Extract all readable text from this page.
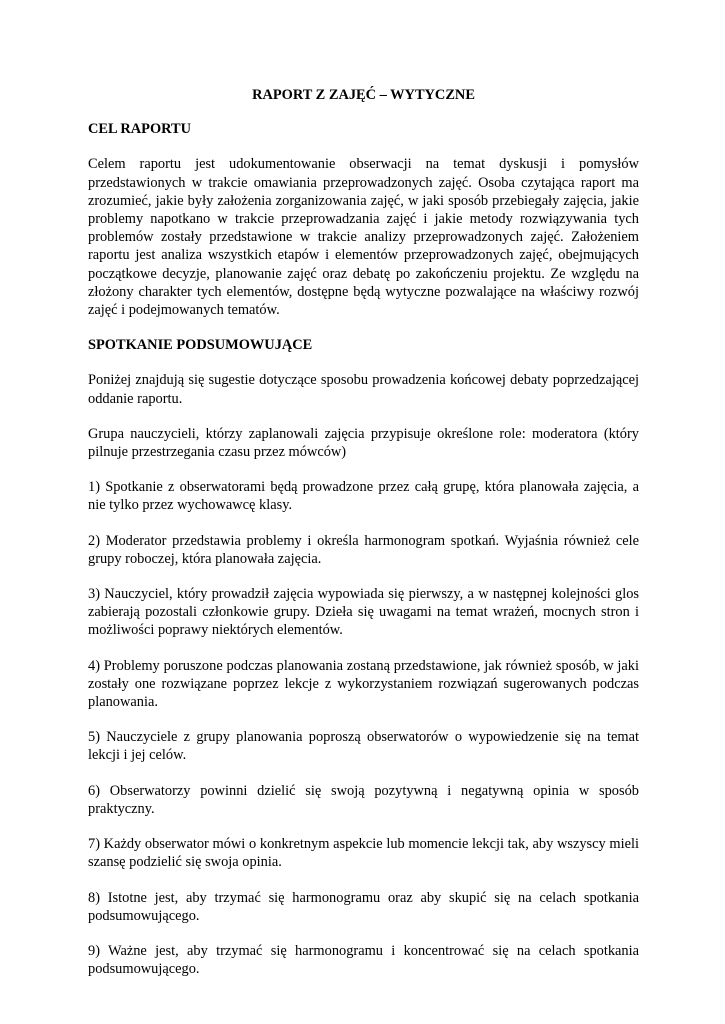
RAPORT Z ZAJĘĆ – WYTYCZNE
CEL RAPORTU
Celem raportu jest udokumentowanie obserwacji na temat dyskusji i pomysłów przedstawionych w trakcie omawiania przeprowadzonych zajęć. Osoba czytająca raport ma zrozumieć, jakie były założenia zorganizowania zajęć, w jaki sposób przebiegały zajęcia, jakie problemy napotkano w trakcie przeprowadzania zajęć i jakie metody rozwiązywania tych problemów zostały przedstawione w trakcie analizy przeprowadzonych zajęć. Założeniem raportu jest analiza wszystkich etapów i elementów przeprowadzonych zajęć, obejmujących początkowe decyzje, planowanie zajęć oraz debatę po zakończeniu projektu. Ze względu na złożony charakter tych elementów, dostępne będą wytyczne pozwalające na właściwy rozwój zajęć i podejmowanych tematów.
SPOTKANIE PODSUMOWUJĄCE
Poniżej znajdują się sugestie dotyczące sposobu prowadzenia końcowej debaty poprzedzającej oddanie raportu.
Grupa nauczycieli, którzy zaplanowali zajęcia przypisuje określone role: moderatora (który pilnuje przestrzegania czasu przez mówców)
1) Spotkanie z obserwatorami będą prowadzone przez całą grupę, która planowała zajęcia, a nie tylko przez wychowawcę klasy.
2) Moderator przedstawia problemy i określa harmonogram spotkań. Wyjaśnia również cele grupy roboczej, która planowała zajęcia.
3) Nauczyciel, który prowadził zajęcia wypowiada się pierwszy, a w następnej kolejności glos zabierają pozostali członkowie grupy. Dzieła się uwagami na temat wrażeń, mocnych stron i możliwości poprawy niektórych elementów.
4) Problemy poruszone podczas planowania zostaną przedstawione, jak również sposób, w jaki zostały one rozwiązane poprzez lekcje z wykorzystaniem rozwiązań sugerowanych podczas planowania.
5) Nauczyciele z grupy planowania poproszą obserwatorów o wypowiedzenie się na temat lekcji i jej celów.
6) Obserwatorzy powinni dzielić się swoją pozytywną i negatywną opinia w sposób praktyczny.
7) Każdy obserwator mówi o konkretnym aspekcie lub momencie lekcji tak, aby wszyscy mieli szansę podzielić się swoja opinia.
8) Istotne jest, aby trzymać się harmonogramu oraz aby skupić się na celach spotkania podsumowującego.
9) Ważne jest, aby trzymać się harmonogramu i koncentrować się na celach spotkania podsumowującego.
